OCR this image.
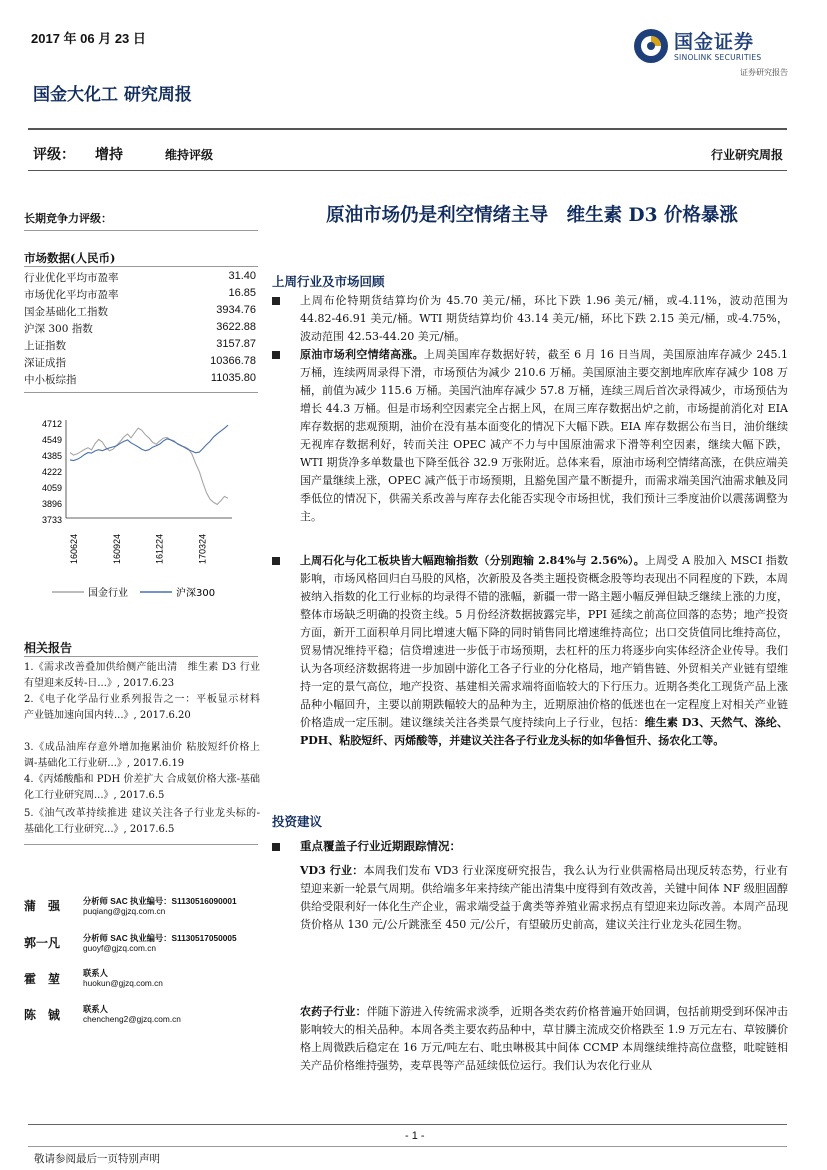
2017 年 06 月 23 日	国金证券
SINOLINK SECURITIES
证券研究报告
国金大化工 研究周报
评级： 增持	维持评级	行业研究周报
长期竞争力评级：
市场数据(人民币)
行业优化平均市盈率	31.40
市场优化平均市盈率	16.85
国金基础化工指数	3934.76
沪深 300 指数	3622.88
上证指数	3157.87
深证成指	10366.78
中小板综指	11035.80
4712
4549
4385
4222
4059
3896
3733
160624	160924	161224	170324
国金行业	沪深300
相关报告
1.《需求改善叠加供给侧产能出清　维生素 D3 行业有望迎来反转-日...》, 2017.6.23
2.《电子化学品行业系列报告之一：平板显示材料　产业链加速向国内转...》, 2017.6.20
3.《成品油库存意外增加拖累油价 粘胶短纤价格上调-基础化工行业研...》, 2017.6.19
4.《丙烯酸酯和 PDH 价差扩大 合成氨价格大涨-基础化工行业研究周...》, 2017.6.5
5.《油气改革持续推进 建议关注各子行业龙头标的-基础化工行业研究...》, 2017.6.5
蒲　强	分析师 SAC 执业编号：S1130516090001
puqiang@gjzq.com.cn
郭一凡	分析师 SAC 执业编号：S1130517050005
guoyf@gjzq.com.cn
霍　堃	联系人
huokun@gjzq.com.cn
陈　铖	联系人
chencheng2@gjzq.com.cn
原油市场仍是利空情绪主导　维生素 D3 价格暴涨
上周行业及市场回顾
上周布伦特期货结算均价为 45.70 美元/桶，环比下跌 1.96 美元/桶，或-4.11%，波动范围为 44.82-46.91 美元/桶。WTI 期货结算均价 43.14 美元/桶，环比下跌 2.15 美元/桶，或-4.75%，波动范围 42.53-44.20 美元/桶。
原油市场利空情绪高涨。上周美国库存数据好转，截至 6 月 16 日当周，美国原油库存减少 245.1 万桶，连续两周录得下滑，市场预估为减少 210.6 万桶。美国原油主要交割地库欣库存减少 108 万桶，前值为减少 115.6 万桶。美国汽油库存减少 57.8 万桶，连续三周后首次录得减少，市场预估为增长 44.3 万桶。但是市场利空因素完全占据上风，在周三库存数据出炉之前，市场提前消化对 EIA 库存数据的悲观预期，油价在没有基本面变化的情况下大幅下跌。EIA 库存数据公布当日，油价继续无视库存数据利好，转而关注 OPEC 减产不力与中国原油需求下滑等利空因素，继续大幅下跌，WTI 期货净多单数量也下降至低谷 32.9 万张附近。总体来看，原油市场利空情绪高涨，在供应端美国产量继续上涨，OPEC 减产低于市场预期，且豁免国产量不断提升，而需求端美国汽油需求触及同季低位的情况下，供需关系改善与库存去化能否实现令市场担忧，我们预计三季度油价以震荡调整为主。
上周石化与化工板块皆大幅跑输指数（分别跑输 2.84%与 2.56%）。上周受 A 股加入 MSCI 指数影响，市场风格回归白马股的风格，次新股及各类主题投资概念股等均表现出不同程度的下跌，本周被纳入指数的化工行业标的均录得不错的涨幅，新疆一带一路主题小幅反弹但缺乏继续上涨的力度，整体市场缺乏明确的投资主线。5 月份经济数据披露完毕，PPI 延续之前高位回落的态势；地产投资方面，新开工面积单月同比增速大幅下降的同时销售同比增速维持高位；出口交货值同比维持高位，贸易情况维持平稳；信贷增速进一步低于市场预期，去杠杆的压力将逐步向实体经济企业传导。我们认为各项经济数据将进一步加剧中游化工各子行业的分化格局，地产销售链、外贸相关产业链有望维持一定的景气高位，地产投资、基建相关需求端将面临较大的下行压力。近期各类化工现货产品上涨品种小幅回升，主要以前期跌幅较大的品种为主，近期原油价格的低迷也在一定程度上对相关产业链价格造成一定压制。建议继续关注各类景气度持续向上子行业，包括：维生素 D3、天然气、涤纶、PDH、粘胶短纤、丙烯酸等，并建议关注各子行业龙头标的如华鲁恒升、扬农化工等。
投资建议
重点覆盖子行业近期跟踪情况：
VD3 行业：本周我们发布 VD3 行业深度研究报告，我么认为行业供需格局出现反转态势，行业有望迎来新一轮景气周期。供给端多年来持续产能出清集中度得到有效改善，关键中间体 NF 级胆固醇供给受限利好一体化生产企业，需求端受益于禽类等养殖业需求拐点有望迎来边际改善。本周产品现货价格从 130 元/公斤跳涨至 450 元/公斤，有望破历史前高，建议关注行业龙头花园生物。
农药子行业：伴随下游进入传统需求淡季，近期各类农药价格普遍开始回调，包括前期受到环保冲击影响较大的相关品种。本周各类主要农药品种中，草甘膦主流成交价格跌至 1.9 万元左右、草铵膦价格上周微跌后稳定在 16 万元/吨左右、吡虫啉极其中间体 CCMP 本周继续维持高位盘整，吡啶链相关产品价格维持强势，麦草畏等产品延续低位运行。我们认为农化行业从
- 1 -
敬请参阅最后一页特别声明
